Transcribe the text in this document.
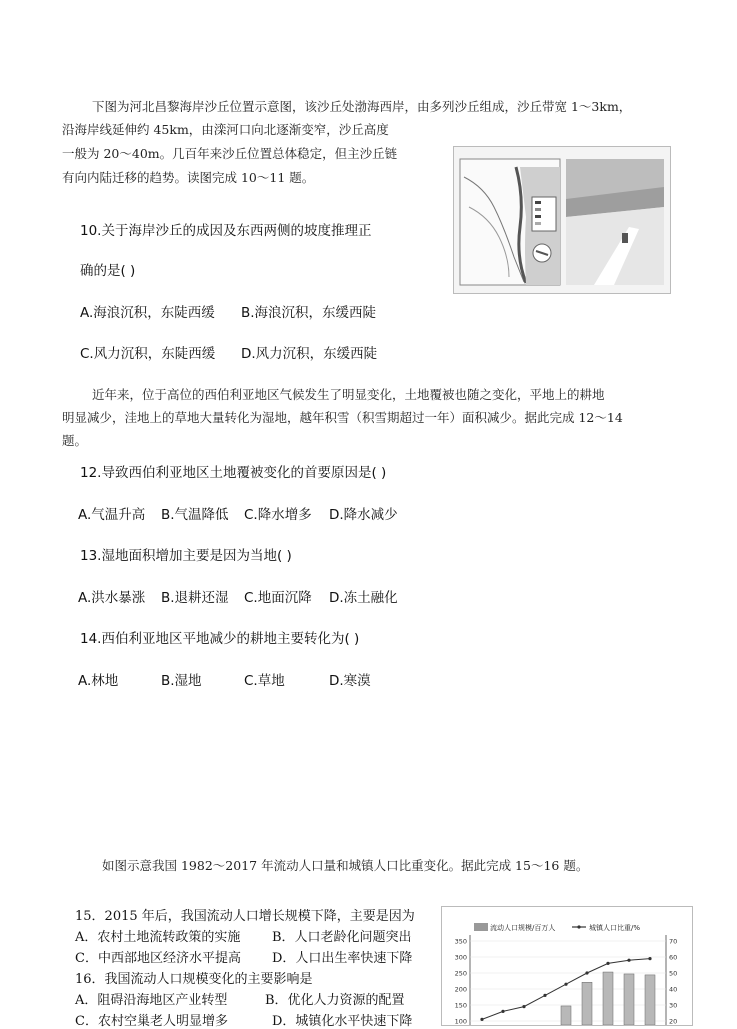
下图为河北昌黎海岸沙丘位置示意图，该沙丘处渤海西岸，由多列沙丘组成，沙丘带宽 1～3km，
沿海岸线延伸约 45km，由滦河口向北逐渐变窄，沙丘高度
一般为 20～40m。几百年来沙丘位置总体稳定，但主沙丘链
有向内陆迁移的趋势。读图完成 10～11 题。
10.关于海岸沙丘的成因及东西两侧的坡度推理正
确的是( )
A.海浪沉积，东陡西缓 B.海浪沉积，东缓西陡
C.风力沉积，东陡西缓 D.风力沉积，东缓西陡
近年来，位于高位的西伯利亚地区气候发生了明显变化，土地覆被也随之变化，平地上的耕地
明显减少，洼地上的草地大量转化为湿地，越年积雪（积雪期超过一年）面积减少。据此完成 12～14
题。
12.导致西伯利亚地区土地覆被变化的首要原因是( )
A.气温升高 B.气温降低 C.降水增多 D.降水减少
13.湿地面积增加主要是因为当地( )
A.洪水暴涨 B.退耕还湿 C.地面沉降 D.冻土融化
14.西伯利亚地区平地减少的耕地主要转化为( )
A.林地	B.湿地	C.草地	D.寒漠
如图示意我国 1982～2017 年流动人口量和城镇人口比重变化。据此完成 15～16 题。
15．2015 年后，我国流动人口增长规模下降，主要是因为
A．农村土地流转政策的实施 B．人口老龄化问题突出
C．中西部地区经济水平提高 D．人口出生率快速下降
16．我国流动人口规模变化的主要影响是
A．阻碍沿海地区产业转型	B．优化人力资源的配置
C．农村空巢老人明显增多	D．城镇化水平快速下降
流动人口规模/百万人	城镇人口比重/%
350	70
300	60
250	50
200	40
150	30
100	20
